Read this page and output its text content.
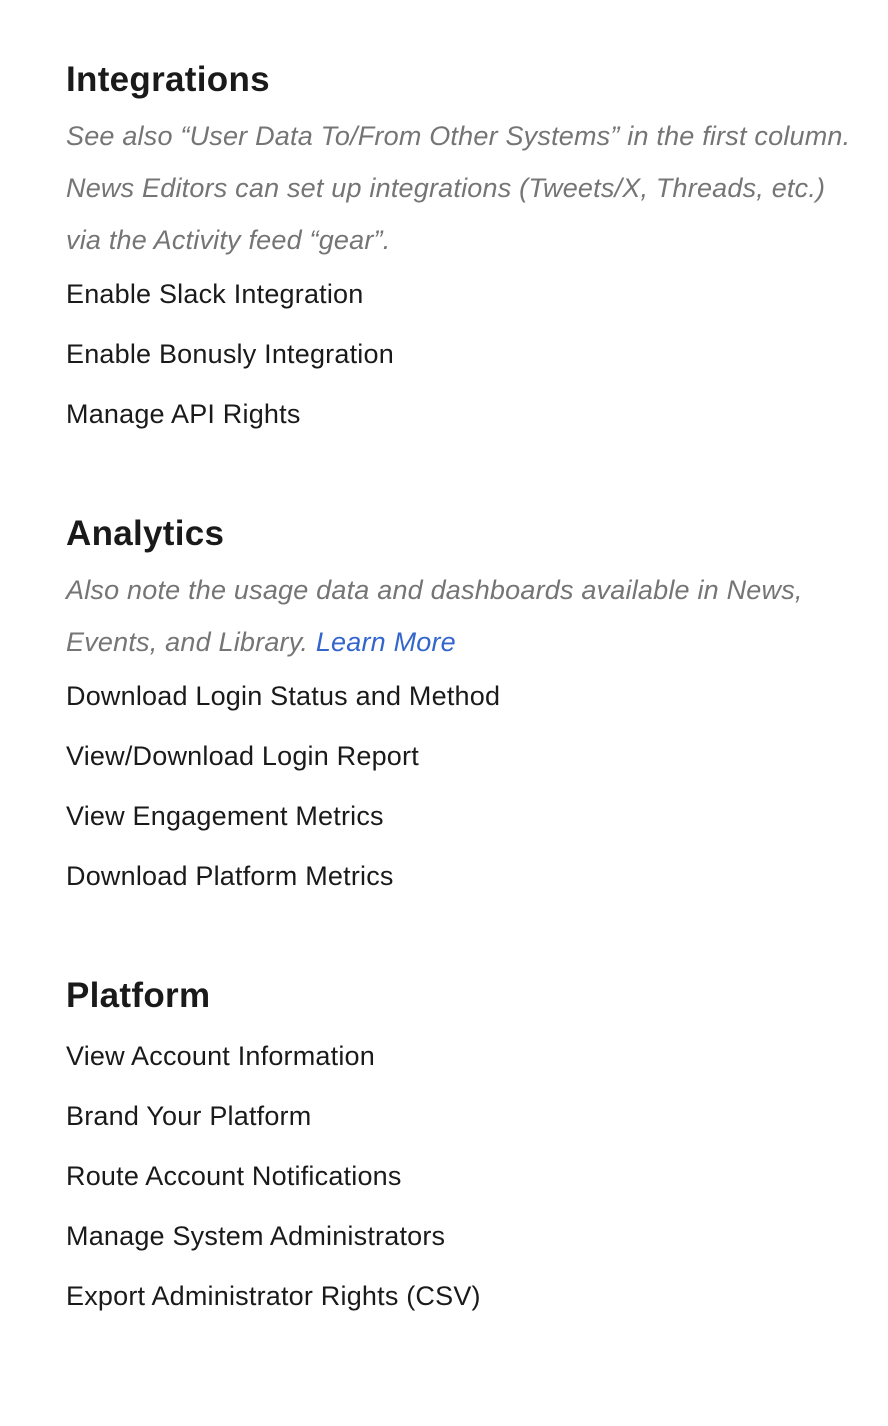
Integrations

See also “User Data To/From Other Systems” in the first column. News Editors can set up integrations (Tweets/X, Threads, etc.) via the Activity feed “gear”.

Enable Slack Integration
Enable Bonusly Integration
Manage API Rights
Analytics

Also note the usage data and dashboards available in News, Events, and Library. Learn More

Download Login Status and Method
View/Download Login Report
View Engagement Metrics
Download Platform Metrics
Platform
View Account Information
Brand Your Platform
Route Account Notifications
Manage System Administrators
Export Administrator Rights (CSV)
